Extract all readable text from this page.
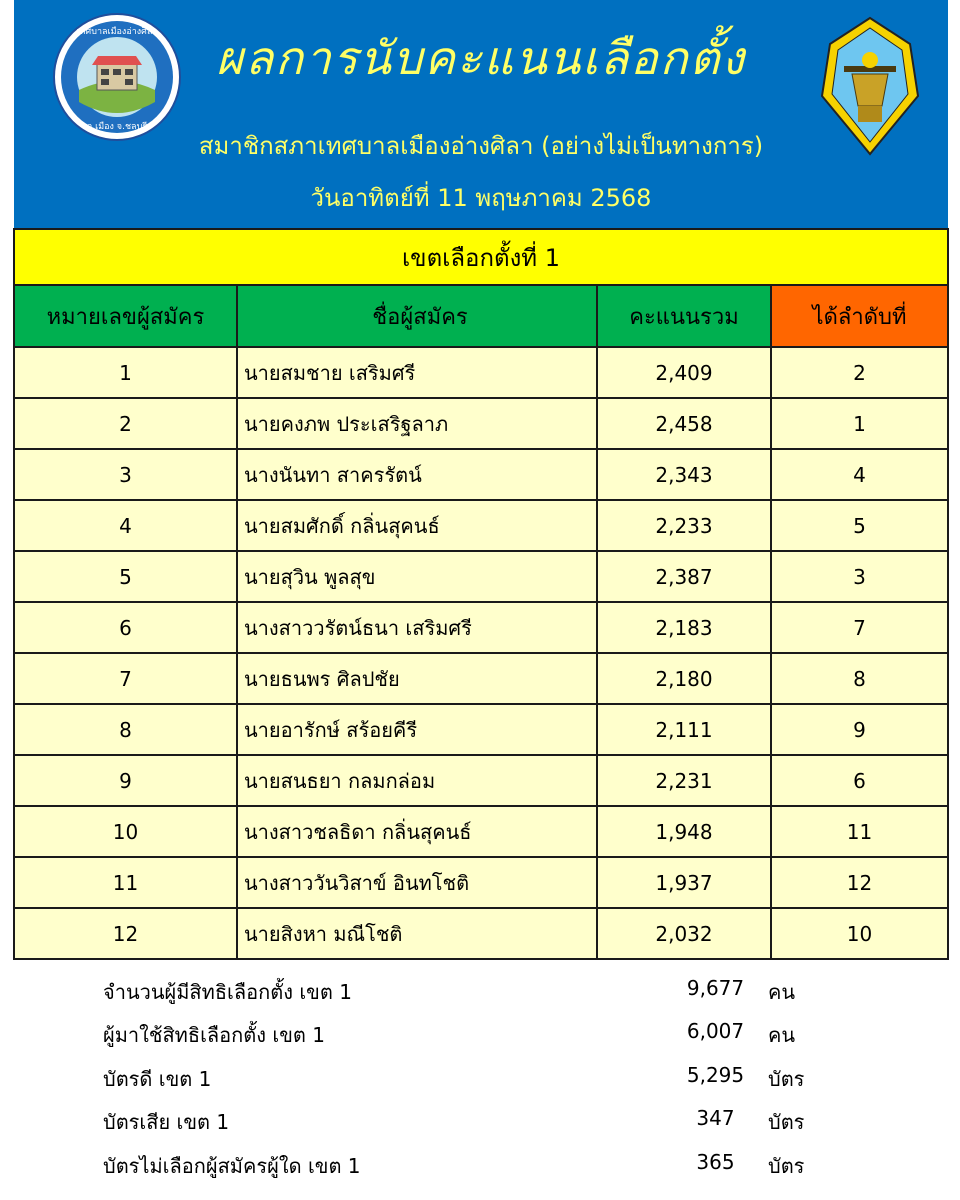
เทศบาลเมืองอ่างศิลา
อ.เมือง จ.ชลบุรี
ผลการนับคะแนนเลือกตั้ง
สมาชิกสภาเทศบาลเมืองอ่างศิลา (อย่างไม่เป็นทางการ)
วันอาทิตย์ที่ 11 พฤษภาคม 2568
เขตเลือกตั้งที่ 1			
หมายเลขผู้สมัคร	ชื่อผู้สมัคร	คะแนนรวม	ได้ลำดับที่
1	นายสมชาย เสริมศรี	2,409	2
2	นายคงภพ ประเสริฐลาภ	2,458	1
3	นางนันทา สาครรัตน์	2,343	4
4	นายสมศักดิ์ กลิ่นสุคนธ์	2,233	5
5	นายสุวิน พูลสุข	2,387	3
6	นางสาววรัตน์ธนา เสริมศรี	2,183	7
7	นายธนพร ศิลปชัย	2,180	8
8	นายอารักษ์ สร้อยคีรี	2,111	9
9	นายสนธยา กลมกล่อม	2,231	6
10	นางสาวชลธิดา กลิ่นสุคนธ์	1,948	11
11	นางสาววันวิสาข์ อินทโชติ	1,937	12
12	นายสิงหา มณีโชติ	2,032	10
จำนวนผู้มีสิทธิเลือกตั้ง เขต 1	9,677	คน
ผู้มาใช้สิทธิเลือกตั้ง เขต 1	6,007	คน
บัตรดี เขต 1	5,295	บัตร
บัตรเสีย เขต 1	347	บัตร
บัตรไม่เลือกผู้สมัครผู้ใด เขต 1	365	บัตร
